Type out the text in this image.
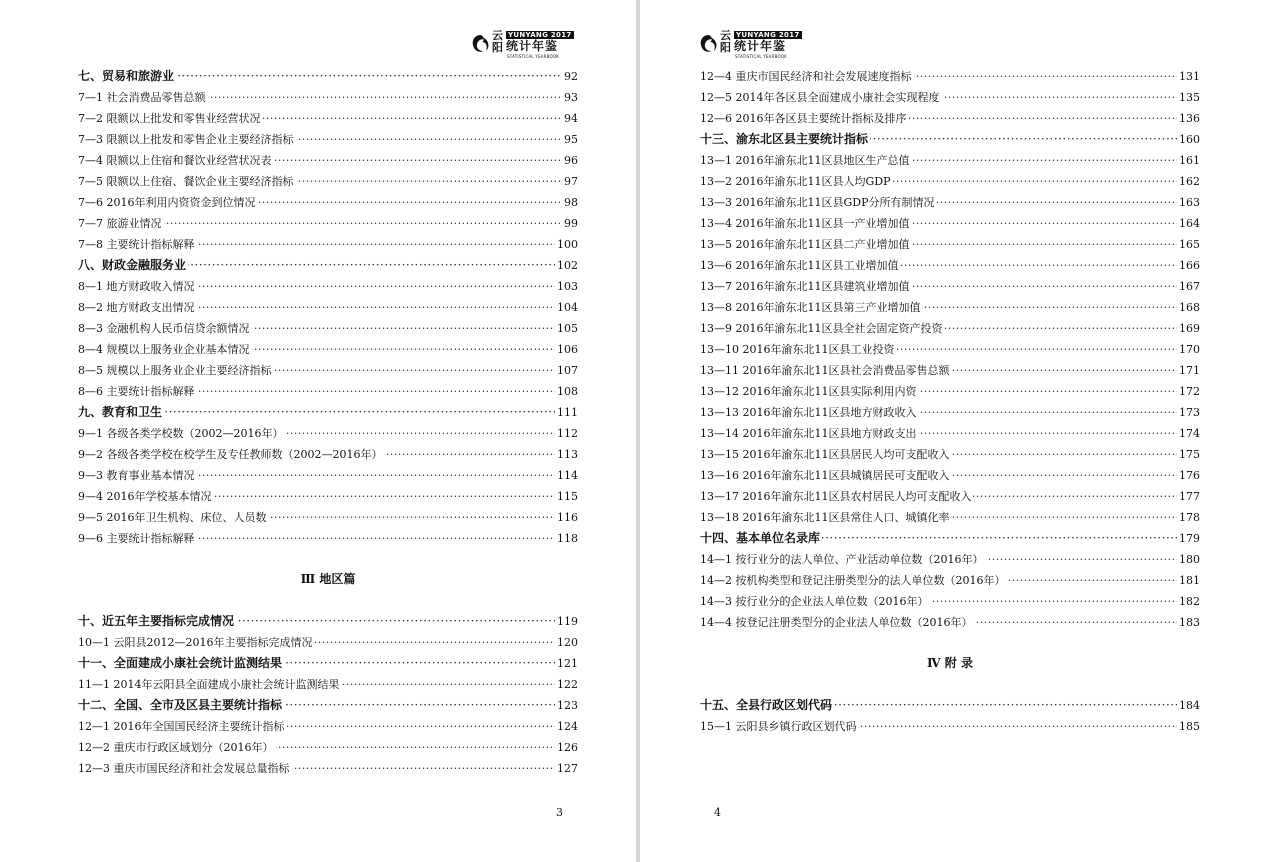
云阳
YUNYANG 2017
统计年鉴
STATISTICAL YEARBOOK
七、贸易和旅游业	92
·····
7—1 社会消费品零售总额	93
·····
7—2 限额以上批发和零售业经营状况	94
·····
7—3 限额以上批发和零售企业主要经济指标	95
·····
7—4 限额以上住宿和餐饮业经营状况表	96
·····
7—5 限额以上住宿、餐饮企业主要经济指标	97
·····
7—6 2016年利用内资资金到位情况	98
·····
7—7 旅游业情况	99
·····
7—8 主要统计指标解释	100
·····
八、财政金融服务业	102
·····
8—1 地方财政收入情况	103
·····
8—2 地方财政支出情况	104
·····
8—3 金融机构人民币信贷余额情况	105
·····
8—4 规模以上服务业企业基本情况	106
·····
8—5 规模以上服务业企业主要经济指标	107
·····
8—6 主要统计指标解释	108
·····
九、教育和卫生	111
·····
9—1 各级各类学校数（2002—2016年）	112
·····
9—2 各级各类学校在校学生及专任教师数（2002—2016年）	113
·····
9—3 教育事业基本情况	114
·····
9—4 2016年学校基本情况	115
·····
9—5 2016年卫生机构、床位、人员数	116
·····
9—6 主要统计指标解释	118
·····
Ⅲ 地区篇
十、近五年主要指标完成情况	119
·····
10—1 云阳县2012—2016年主要指标完成情况	120
·····
十一、全面建成小康社会统计监测结果	121
·····
11—1 2014年云阳县全面建成小康社会统计监测结果	122
·····
十二、全国、全市及区县主要统计指标	123
·····
12—1 2016年全国国民经济主要统计指标	124
·····
12—2 重庆市行政区域划分（2016年）	126
·····
12—3 重庆市国民经济和社会发展总量指标	127
·····
3
云阳
YUNYANG 2017
统计年鉴
STATISTICAL YEARBOOK
12—4 重庆市国民经济和社会发展速度指标	131
·····
12—5 2014年各区县全面建成小康社会实现程度	135
·····
12—6 2016年各区县主要统计指标及排序	136
·····
十三、渝东北区县主要统计指标	160
·····
13—1 2016年渝东北11区县地区生产总值	161
·····
13—2 2016年渝东北11区县人均GDP	162
·····
13—3 2016年渝东北11区县GDP分所有制情况	163
·····
13—4 2016年渝东北11区县一产业增加值	164
·····
13—5 2016年渝东北11区县二产业增加值	165
·····
13—6 2016年渝东北11区县工业增加值	166
·····
13—7 2016年渝东北11区县建筑业增加值	167
·····
13—8 2016年渝东北11区县第三产业增加值	168
·····
13—9 2016年渝东北11区县全社会固定资产投资	169
·····
13—10 2016年渝东北11区县工业投资	170
·····
13—11 2016年渝东北11区县社会消费品零售总额	171
·····
13—12 2016年渝东北11区县实际利用内资	172
·····
13—13 2016年渝东北11区县地方财政收入	173
·····
13—14 2016年渝东北11区县地方财政支出	174
·····
13—15 2016年渝东北11区县居民人均可支配收入	175
·····
13—16 2016年渝东北11区县城镇居民可支配收入	176
·····
13—17 2016年渝东北11区县农村居民人均可支配收入	177
·····
13—18 2016年渝东北11区县常住人口、城镇化率	178
·····
十四、基本单位名录库	179
·····
14—1 按行业分的法人单位、产业活动单位数（2016年）	180
·····
14—2 按机构类型和登记注册类型分的法人单位数（2016年）	181
·····
14—3 按行业分的企业法人单位数（2016年）	182
·····
14—4 按登记注册类型分的企业法人单位数（2016年）	183
·····
Ⅳ 附 录
十五、全县行政区划代码	184
·····
15—1 云阳县乡镇行政区划代码	185
·····
4
